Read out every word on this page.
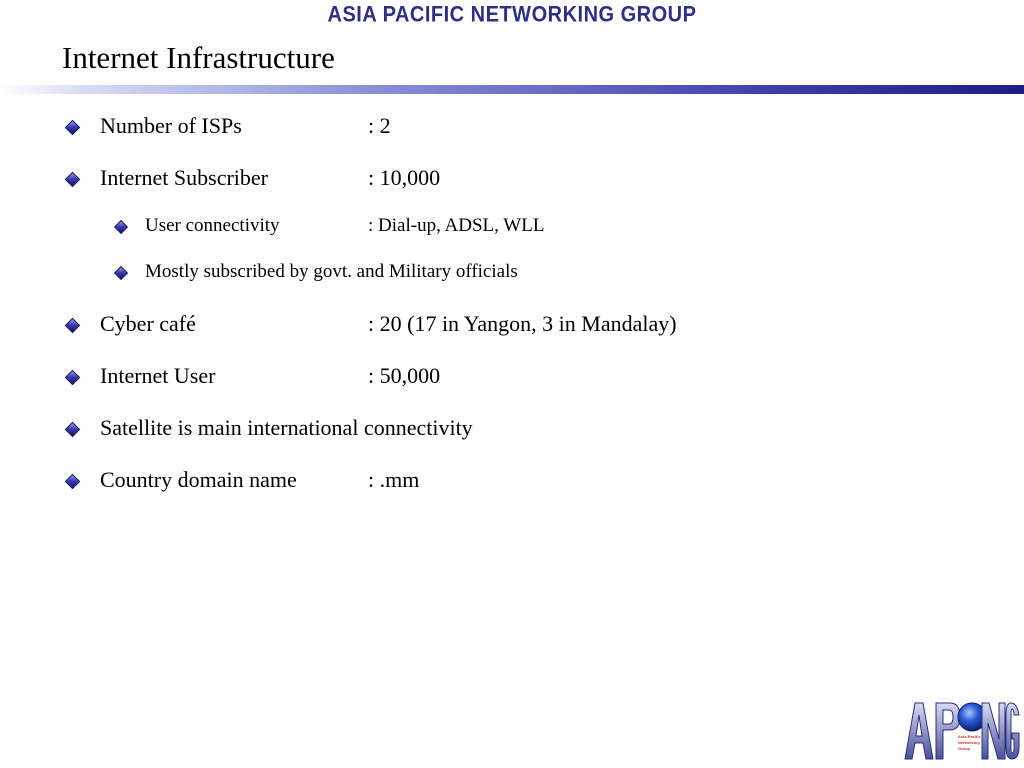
ASIA PACIFIC NETWORKING GROUP
Internet Infrastructure
Number of ISPs	: 2
Internet Subscriber	: 10,000
User connectivity	: Dial-up, ADSL, WLL
Mostly subscribed by govt. and Military officials
Cyber café	: 20 (17 in Yangon, 3 in Mandalay)
Internet User	: 50,000
Satellite is main international connectivity
Country domain name	: .mm
Asia-Pacific
Networking
Group
